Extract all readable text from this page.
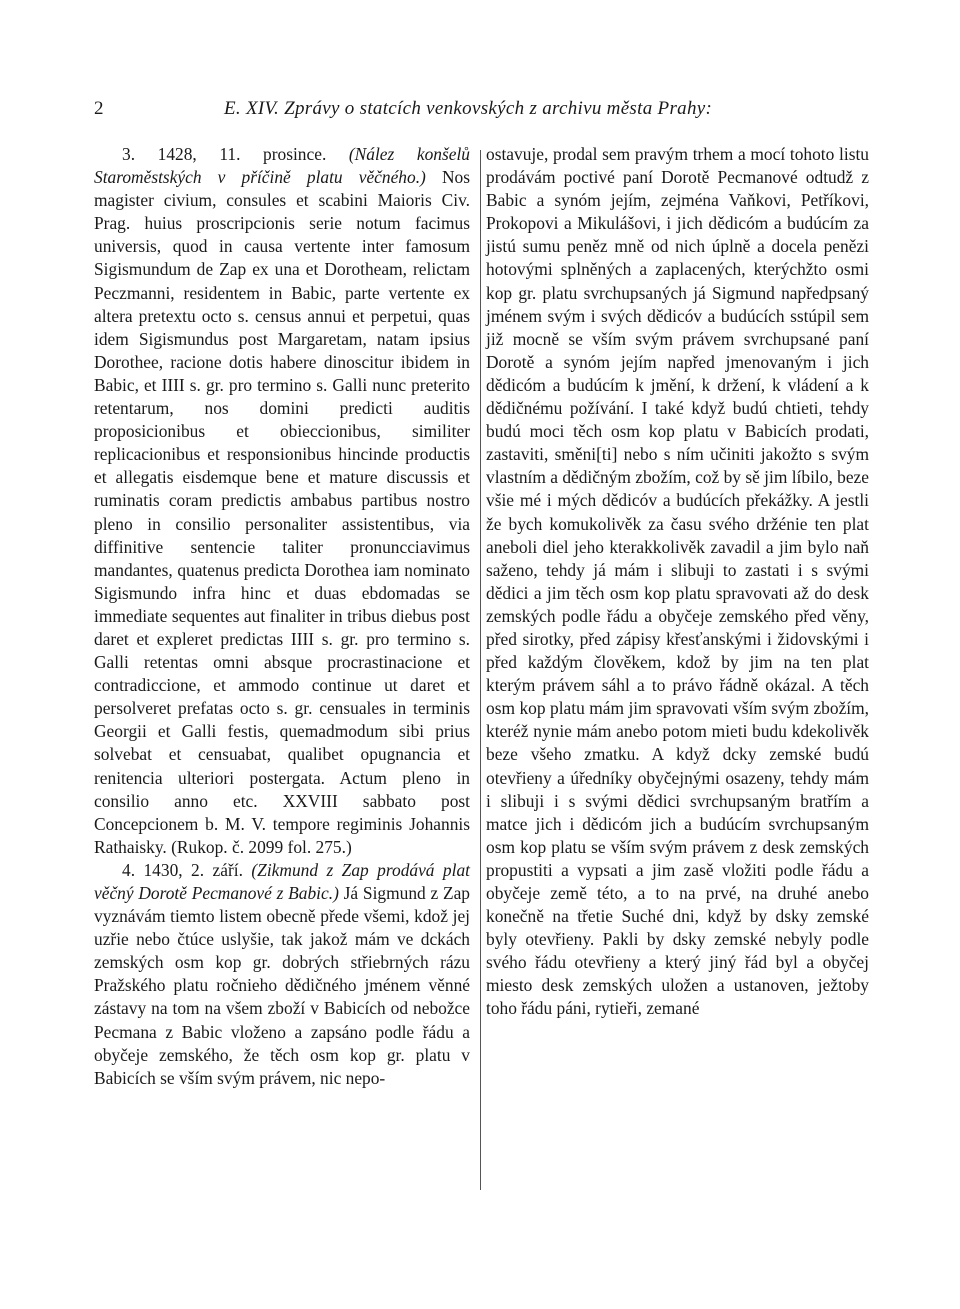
2	E. XIV. Zprávy o statcích venkovských z archivu města Prahy:

3. 1428, 11. prosince. (Nález konšelů Staroměstských v příčině platu věčného.) Nos magister civium, consules et scabini Maioris Civ. Prag. huius proscripcionis serie notum facimus universis, quod in causa vertente inter famosum Sigismundum de Zap ex una et Dorotheam, relictam Peczmanni, residentem in Babic, parte vertente ex altera pretextu octo s. census annui et perpetui, quas idem Sigismundus post Margaretam, natam ipsius Dorothee, racione dotis habere dinoscitur ibidem in Babic, et IIII s. gr. pro termino s. Galli nunc preterito retentarum, nos domini predicti auditis proposicionibus et obieccionibus, similiter replicacionibus et responsionibus hincinde productis et allegatis eisdemque bene et mature discussis et ruminatis coram predictis ambabus partibus nostro pleno in consilio personaliter assistentibus, via diffinitive sentencie taliter pronuncciavimus mandantes, quatenus predicta Dorothea iam nominato Sigismundo infra hinc et duas ebdomadas se immediate sequentes aut finaliter in tribus diebus post daret et expleret predictas IIII s. gr. pro termino s. Galli retentas omni absque procrastinacione et contradiccione, et ammodo continue ut daret et persolveret prefatas octo s. gr. censuales in terminis Georgii et Galli festis, quemadmodum sibi prius solvebat et censuabat, qualibet opugnancia et renitencia ulteriori postergata. Actum pleno in consilio anno etc. XXVIII sabbato post Concepcionem b. M. V. tempore regiminis Johannis Rathaisky. (Rukop. č. 2099 fol. 275.)

4. 1430, 2. září. (Zikmund z Zap prodává plat věčný Dorotě Pecmanové z Babic.) Já Sigmund z Zap vyznávám tiemto listem obecně přede všemi, kdož jej uzřie nebo čtúce uslyšie, tak jakož mám ve dckách zemských osm kop gr. dobrých střiebrných rázu Pražského platu ročnieho dědičného jménem věnné zástavy na tom na všem zboží v Babicích od nebožce Pecmana z Babic vloženo a zapsáno podle řádu a obyčeje zemského, že těch osm kop gr. platu v Babicích se vším svým právem, nic nepo-

ostavuje, prodal sem pravým trhem a mocí tohoto listu prodávám poctivé paní Dorotě Pecmanové odtudž z Babic a synóm jejím, zejména Vaňkovi, Petříkovi, Prokopovi a Mikulášovi, i jich dědicóm a budúcím za jistú sumu peněz mně od nich úplně a docela penězi hotovými splněných a zaplacených, kterýchžto osmi kop gr. platu svrchupsaných já Sigmund napředpsaný jménem svým i svých dědicóv a budúcích sstúpil sem již mocně se vším svým právem svrchupsané paní Dorotě a synóm jejím napřed jmenovaným i jich dědicóm a budúcím k jmění, k držení, k vládení a k dědičnému požívání. I také když budú chtieti, tehdy budú moci těch osm kop platu v Babicích prodati, zastaviti, směni[ti] nebo s ním učiniti jakožto s svým vlastním a dědičným zbožím, což by sě jim líbilo, beze všie mé i mých dědicóv a budúcích překážky. A jestli že bych komukolivěk za času svého držénie ten plat aneboli diel jeho kterakkolivěk zavadil a jim bylo naň saženo, tehdy já mám i slibuji to zastati i s svými dědici a jim těch osm kop platu spravovati až do desk zemských podle řádu a obyčeje zemského před věny, před sirotky, před zápisy křesťanskými i židovskými i před každým člověkem, kdož by jim na ten plat kterým právem sáhl a to právo řádně okázal. A těch osm kop platu mám jim spravovati vším svým zbožím, kteréž nynie mám anebo potom mieti budu kdekolivěk beze všeho zmatku. A když dcky zemské budú otevřieny a úředníky obyčejnými osazeny, tehdy mám i slibuji i s svými dědici svrchupsaným bratřím a matce jich i dědicóm jich a budúcím svrchupsaným osm kop platu se vším svým právem z desk zemských propustiti a vypsati a jim zasě vložiti podle řádu a obyčeje země této, a to na prvé, na druhé anebo konečně na třetie Suché dni, když by dsky zemské byly otevřieny. Pakli by dsky zemské nebyly podle svého řádu otevřieny a který jiný řád byl a obyčej miesto desk zemských uložen a ustanoven, ježtoby toho řádu páni, rytieři, zemané
